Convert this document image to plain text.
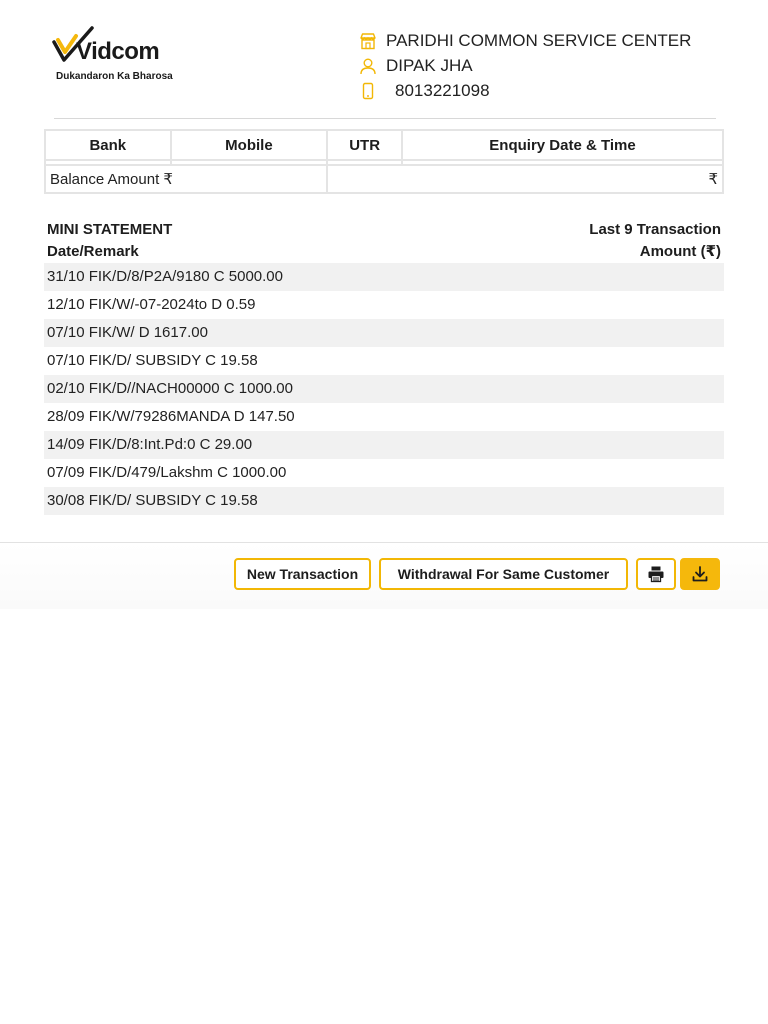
Vidcom
Dukandaron Ka Bharosa
PARIDHI COMMON SERVICE CENTER
DIPAK JHA
8013221098
Bank	Mobile	UTR	Enquiry Date & Time

Balance Amount ₹		₹	
MINI STATEMENT	Last 9 Transaction
Date/Remark	Amount (₹)
31/10 FIK/D/8/P2A/9180 C 5000.00
12/10 FIK/W/-07-2024to D 0.59
07/10 FIK/W/ D 1617.00
07/10 FIK/D/ SUBSIDY C 19.58
02/10 FIK/D//NACH00000 C 1000.00
28/09 FIK/W/79286MANDA D 147.50
14/09 FIK/D/8:Int.Pd:0 C 29.00
07/09 FIK/D/479/Lakshm C 1000.00
30/08 FIK/D/ SUBSIDY C 19.58
New Transaction	Withdrawal For Same Customer
